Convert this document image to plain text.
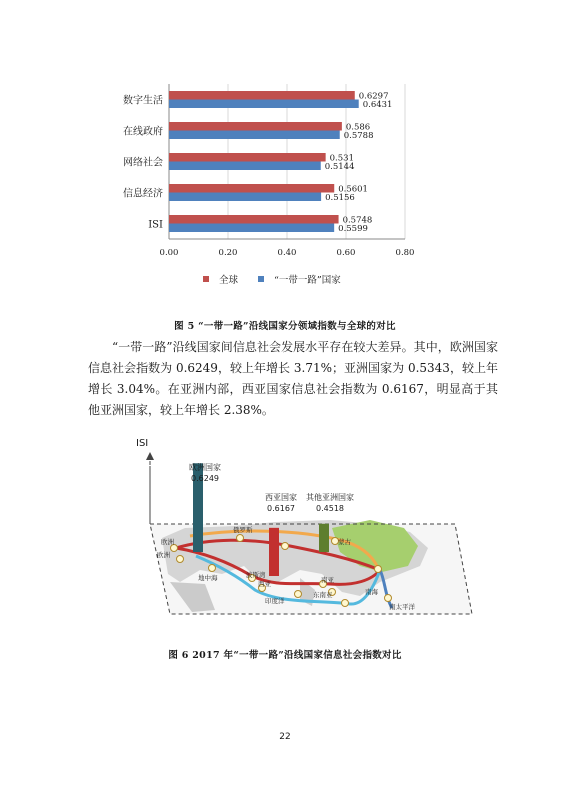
0.6297
0.6431
0.586
0.5788
0.531
0.5144
0.5601
0.5156
0.5748
0.5599
数字生活
在线政府
网络社会
信息经济
ISI
0.00	0.20	0.40	0.60	0.80
全球	“一带一路”国家
图 5 “一带一路”沿线国家分领域指数与全球的对比

“一带一路”沿线国家间信息社会发展水平存在较大差异。其中，欧洲国家信息社会指数为 0.6249，较上年增长 3.71%；亚洲国家为 0.5343，较上年增长 3.04%。在亚洲内部，西亚国家信息社会指数为 0.6167，明显高于其他亚洲国家，较上年增长 2.38%。

欧洲国家
0.6249
西亚国家
0.6167
其他亚洲国家
0.4518
ISI
欧洲
俄罗斯
蒙古
欧洲
地中海	波斯湾
西亚	南亚
东南亚	南海
印度洋
南太平洋
图 6 2017 年“一带一路”沿线国家信息社会指数对比
22
